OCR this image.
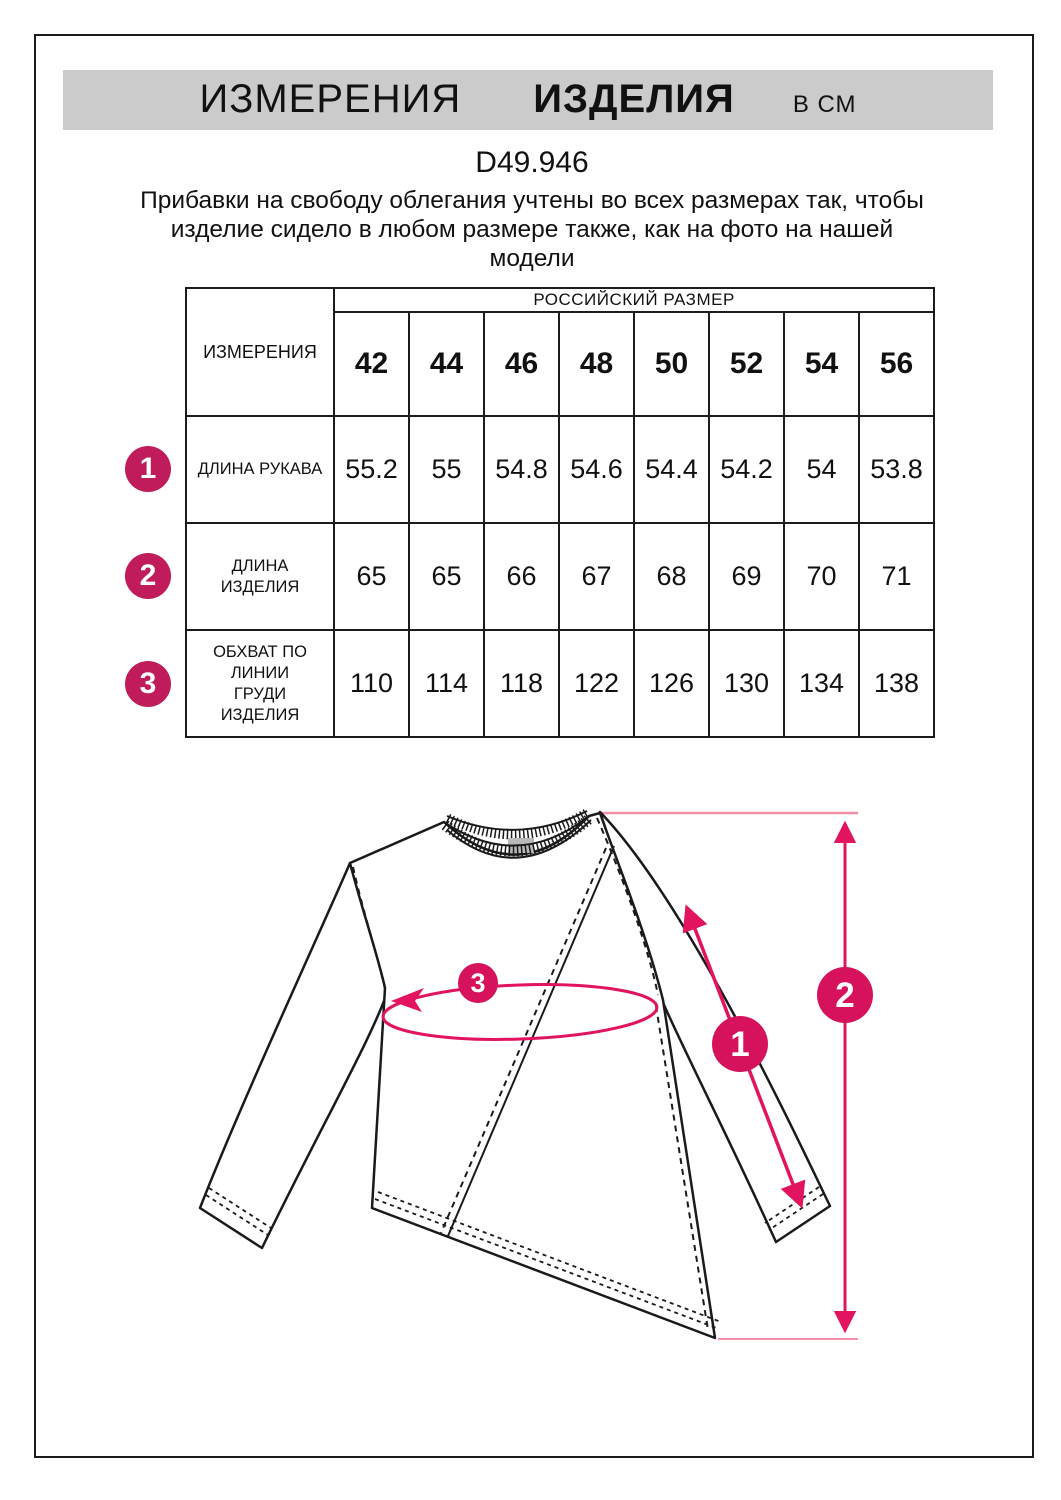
ИЗМЕРЕНИЯ ИЗДЕЛИЯ В СМ
D49.946
Прибавки на свободу облегания учтены во всех размерах так, чтобы
изделие сидело в любом размере также, как на фото на нашей
модели
ИЗМЕРЕНИЯ	РОССИЙСКИЙ РАЗМЕР							
	42	44	46	48	50	52	54	56

ДЛИНА РУКАВА	55.2	55	54.8	54.6	54.4	54.2	54	53.8

ДЛИНА ИЗДЕЛИЯ	65	65	66	67	68	69	70	71

ОБХВАТ ПО ЛИНИИ ГРУДИ ИЗДЕЛИЯ	110	114	118	122	126	130	134	138
1
2
3
1
2
3
